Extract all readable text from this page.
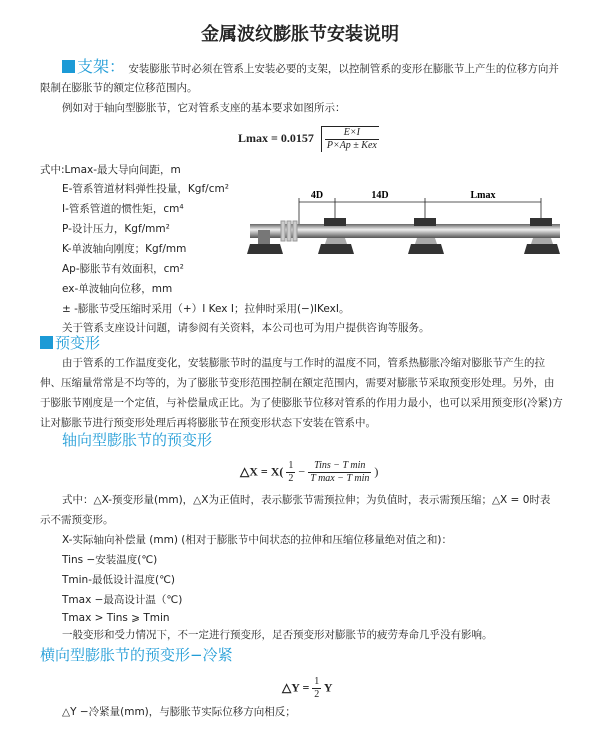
金属波纹膨胀节安装说明
支架： 安装膨胀节时必须在管系上安装必要的支架，以控制管系的变形在膨胀节上产生的位移方向并
限制在膨胀节的额定位移范围内。
例如对于轴向型膨胀节，它对管系支座的基本要求如图所示：
$Lmax = 0.0157 \frac{E\times I}{\text{P×Ap ± Kex}}$
式中:Lmax-最大导向间距，m
E-管系管道材料弹性投量，Kgf/cm²
I-管系管道的惯性矩，cm⁴
P-设计压力，Kgf/mm²
K-单波轴向刚度；Kgf/mm
Ap-膨胀节有效面积，cm²
ex-单波轴向位移，mm
± -膨胀节受压缩时采用（+）I Kex I；拉伸时采用(−)IKexI。
关于管系支座设计问题，请参阅有关资料，本公司也可为用户提供咨询等服务。
4D	14D	Lmax
预变形
由于管系的工作温度变化，安装膨胀节时的温度与工作时的温度不同，管系热膨胀冷缩对膨胀节产生的拉
伸、压缩量常常是不均等的，为了膨胀节变形范围控制在额定范围内，需要对膨胀节采取预变形处理。另外，由
于膨胀节刚度是一个定值，与补偿量成正比。为了使膨胀节位移对管系的作用力最小，也可以采用预变形(冷紧)方
让对膨胀节进行预变形处理后再将膨胀节在预变形状态下安装在管系中。
轴向型膨胀节的预变形
△X = $X( \frac{1}{2} - \frac{\text{Tins − T min}}{\text{T max − T min}}$ )
式中：△X-预变形量(mm)，△X为正值时，表示膨张节需预拉伸；为负值时，表示需预压缩；△X = 0时表
示不需预变形。
X-实际轴向补偿量 (mm) (相对于膨胀节中间状态的拉伸和压缩位移量绝对值之和)：
Tins −安装温度(℃)
Tmin-最低设计温度(℃)
Tmax −最高设计温（℃)
Tmax > Tins ⩾ Tmin
一般变形和受力情况下，不一定进行预变形，足否预变形对膨胀节的疲劳寿命几乎没有影响。
横向型膨胀节的预变形−冷紧
△Y = $\frac{1}{2}$ Y
△Y −冷紧量(mm)，与膨胀节实际位移方向相反；
